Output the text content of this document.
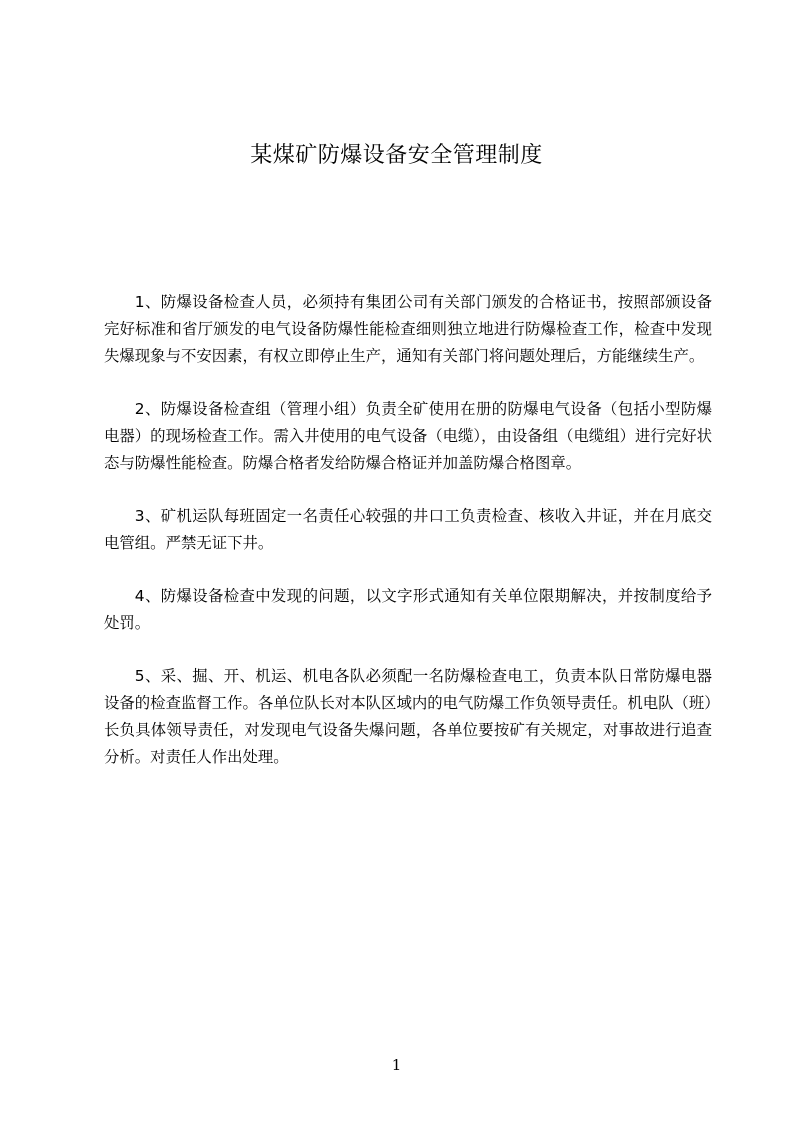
某煤矿防爆设备安全管理制度

1、防爆设备检查人员，必须持有集团公司有关部门颁发的合格证书，按照部颁设备完好标准和省厅颁发的电气设备防爆性能检查细则独立地进行防爆检查工作，检查中发现失爆现象与不安因素，有权立即停止生产，通知有关部门将问题处理后，方能继续生产。

2、防爆设备检查组（管理小组）负责全矿使用在册的防爆电气设备（包括小型防爆电器）的现场检查工作。需入井使用的电气设备（电缆），由设备组（电缆组）进行完好状态与防爆性能检查。防爆合格者发给防爆合格证并加盖防爆合格图章。

3、矿机运队每班固定一名责任心较强的井口工负责检查、核收入井证，并在月底交电管组。严禁无证下井。

4、防爆设备检查中发现的问题，以文字形式通知有关单位限期解决，并按制度给予处罚。

5、采、掘、开、机运、机电各队必须配一名防爆检查电工，负责本队日常防爆电器设备的检查监督工作。各单位队长对本队区域内的电气防爆工作负领导责任。机电队（班）长负具体领导责任，对发现电气设备失爆问题，各单位要按矿有关规定，对事故进行追查分析。对责任人作出处理。

1
